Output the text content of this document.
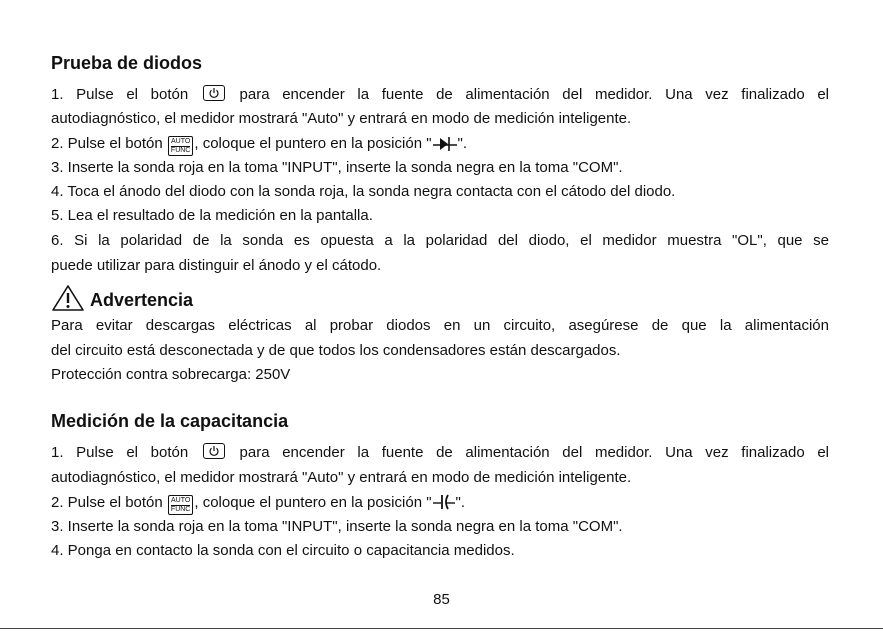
Prueba de diodos

1. Pulse el botón	para encender la fuente de alimentación del medidor. Una vez finalizado el

autodiagnóstico, el medidor mostrará "Auto" y entrará en modo de medición inteligente.

2. Pulse el botón AUTO
FUNC , coloque el puntero en la posición " ".

3. Inserte la sonda roja en la toma "INPUT", inserte la sonda negra en la toma "COM".

4. Toca el ánodo del diodo con la sonda roja, la sonda negra contacta con el cátodo del diodo.

5. Lea el resultado de la medición en la pantalla.

6. Si la polaridad de la sonda es opuesta a la polaridad del diodo, el medidor muestra "OL", que se

puede utilizar para distinguir el ánodo y el cátodo.

Advertencia

Para evitar descargas eléctricas al probar diodos en un circuito, asegúrese de que la alimentación

del circuito está desconectada y de que todos los condensadores están descargados.

Protección contra sobrecarga: 250V

Medición de la capacitancia

1. Pulse el botón	para encender la fuente de alimentación del medidor. Una vez finalizado el

autodiagnóstico, el medidor mostrará "Auto" y entrará en modo de medición inteligente.

2. Pulse el botón AUTO
FUNC , coloque el puntero en la posición " ".

3. Inserte la sonda roja en la toma "INPUT", inserte la sonda negra en la toma "COM".

4. Ponga en contacto la sonda con el circuito o capacitancia medidos.

85
